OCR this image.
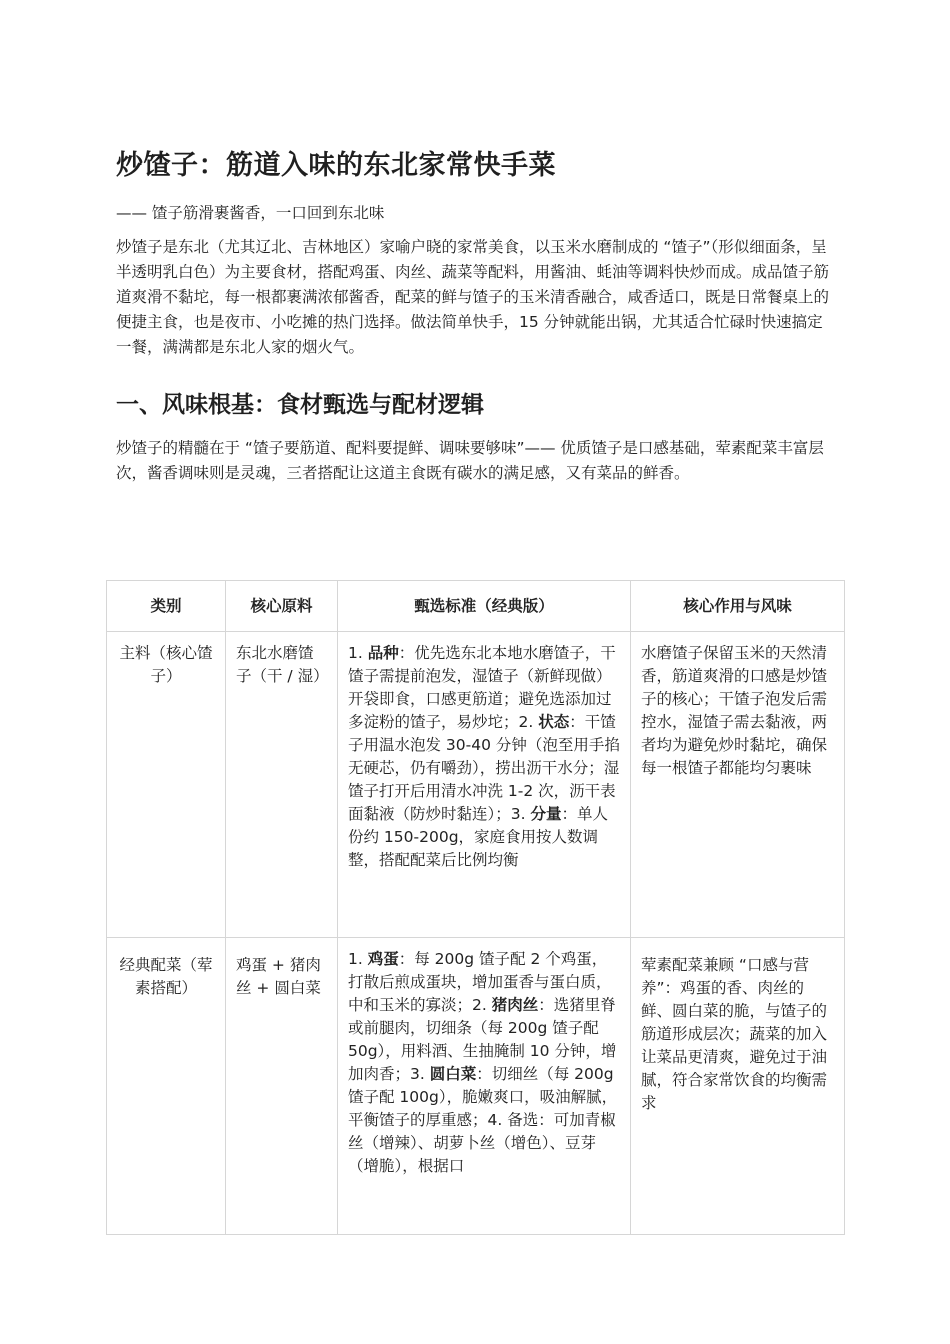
炒馇子：筋道入味的东北家常快手菜

—— 馇子筋滑裹酱香，一口回到东北味

炒馇子是东北（尤其辽北、吉林地区）家喻户晓的家常美食，以玉米水磨制成的 “馇子”（形似细面条，呈半透明乳白色）为主要食材，搭配鸡蛋、肉丝、蔬菜等配料，用酱油、蚝油等调料快炒而成。成品馇子筋道爽滑不黏坨，每一根都裹满浓郁酱香，配菜的鲜与馇子的玉米清香融合，咸香适口，既是日常餐桌上的便捷主食，也是夜市、小吃摊的热门选择。做法简单快手，15 分钟就能出锅，尤其适合忙碌时快速搞定一餐，满满都是东北人家的烟火气。

一、风味根基：食材甄选与配材逻辑

炒馇子的精髓在于 “馇子要筋道、配料要提鲜、调味要够味”—— 优质馇子是口感基础，荤素配菜丰富层次，酱香调味则是灵魂，三者搭配让这道主食既有碳水的满足感，又有菜品的鲜香。

类别	核心原料	甄选标准（经典版）	核心作用与风味
主料（核心馇子）	东北水磨馇子（干 / 湿）	1. 品种：优先选东北本地水磨馇子，干馇子需提前泡发，湿馇子（新鲜现做）开袋即食，口感更筋道；避免选添加过多淀粉的馇子，易炒坨；2. 状态：干馇子用温水泡发 30-40 分钟（泡至用手掐无硬芯，仍有嚼劲），捞出沥干水分；湿馇子打开后用清水冲洗 1-2 次，沥干表面黏液（防炒时黏连）；3. 分量：单人份约 150-200g，家庭食用按人数调整，搭配配菜后比例均衡	水磨馇子保留玉米的天然清香，筋道爽滑的口感是炒馇子的核心；干馇子泡发后需控水，湿馇子需去黏液，两者均为避免炒时黏坨，确保每一根馇子都能均匀裹味

经典配菜（荤素搭配）	鸡蛋 + 猪肉丝 + 圆白菜	1. 鸡蛋：每 200g 馇子配 2 个鸡蛋，打散后煎成蛋块，增加蛋香与蛋白质，中和玉米的寡淡；2. 猪肉丝：选猪里脊或前腿肉，切细条（每 200g 馇子配 50g），用料酒、生抽腌制 10 分钟，增加肉香；3. 圆白菜：切细丝（每 200g 馇子配 100g），脆嫩爽口，吸油解腻，平衡馇子的厚重感；4. 备选：可加青椒丝（增辣）、胡萝卜丝（增色）、豆芽（增脆），根据口	荤素配菜兼顾 “口感与营养”：鸡蛋的香、肉丝的鲜、圆白菜的脆，与馇子的筋道形成层次；蔬菜的加入让菜品更清爽，避免过于油腻，符合家常饮食的均衡需求
